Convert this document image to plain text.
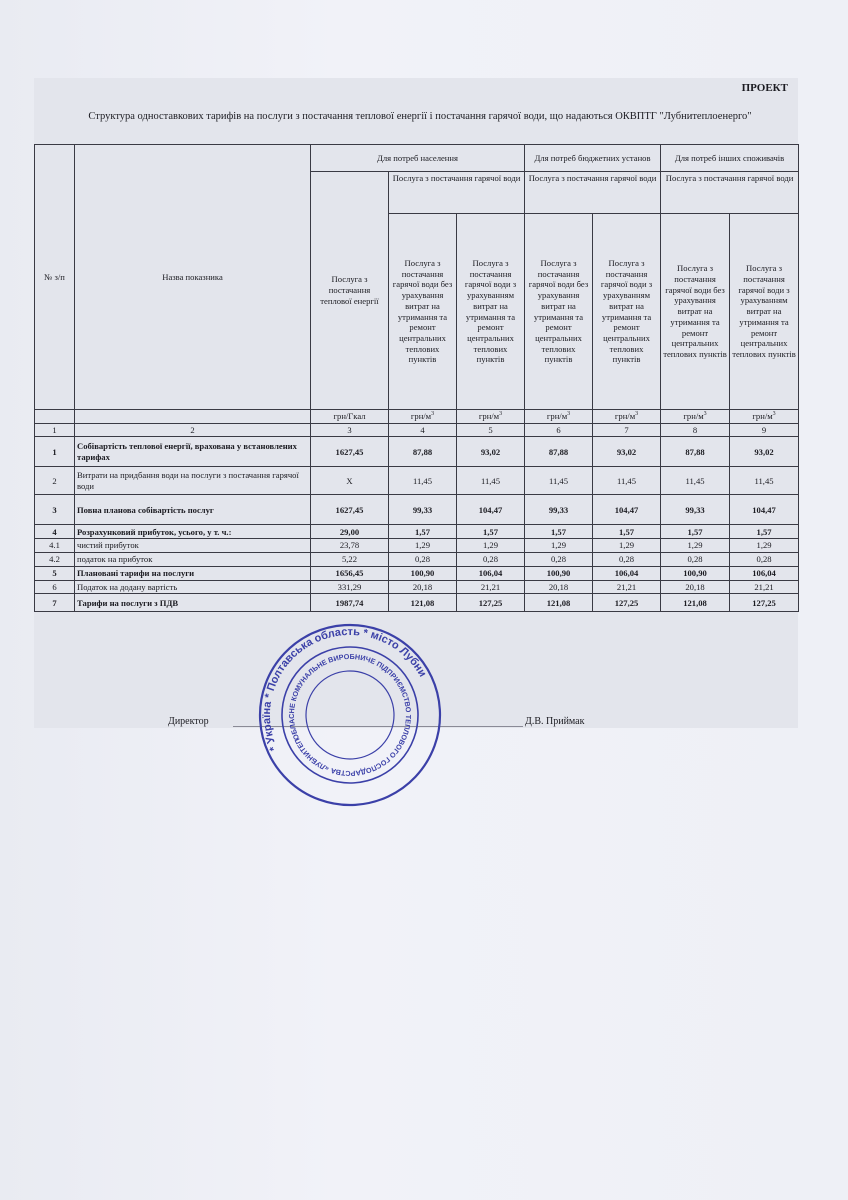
ПРОЕКТ
Структура одноставкових тарифів на послуги з постачання теплової енергії і постачання гарячої води, що надаються ОКВПТГ "Лубнитеплоенерго"
№ з/п	Назва показника	Для потреб населення			Для потреб бюджетних установ		Для потреб інших споживачів	
		Послуга з постачання теплової енергії	Послуга з постачання гарячої води		Послуга з постачання гарячої води		Послуга з постачання гарячої води	
			Послуга з постачання гарячої води без урахування витрат на утримання та ремонт центральних теплових пунктів	Послуга з постачання гарячої води з урахуванням витрат на утримання та ремонт центральних теплових пунктів	Послуга з постачання гарячої води без урахування витрат на утримання та ремонт центральних теплових пунктів	Послуга з постачання гарячої води з урахуванням витрат на утримання та ремонт центральних теплових пунктів	Послуга з постачання гарячої води без урахування витрат на утримання та ремонт центральних теплових пунктів	Послуга з постачання гарячої води з урахуванням витрат на утримання та ремонт центральних теплових пунктів
		грн/Гкал	грн/$м^3$	грн/$м^3$	грн/$м^3$	грн/$м^3$	грн/$м^3$	грн/$м^3$
1	2	3	4	5	6	7	8	9
1	Собівартість теплової енергії, врахована у встановлених тарифах	1627,45	87,88	93,02	87,88	93,02	87,88	93,02
2	Витрати на придбання води на послуги з постачання гарячої води	Х	11,45	11,45	11,45	11,45	11,45	11,45
3	Повна планова собівартість послуг	1627,45	99,33	104,47	99,33	104,47	99,33	104,47
4	Розрахунковий прибуток, усього, у т. ч.:	29,00	1,57	1,57	1,57	1,57	1,57	1,57
4.1	чистий прибуток	23,78	1,29	1,29	1,29	1,29	1,29	1,29
4.2	податок на прибуток	5,22	0,28	0,28	0,28	0,28	0,28	0,28
5	Плановані тарифи на послуги	1656,45	100,90	106,04	100,90	106,04	100,90	106,04
6	Податок на додану вартість	331,29	20,18	21,21	20,18	21,21	20,18	21,21
7	Тарифи на послуги з ПДВ	1987,74	121,08	127,25	121,08	127,25	121,08	127,25
Директор	Д.В. Приймак
* Україна * Полтавська область * місто Лубни
ОБЛАСНЕ КОМУНАЛЬНЕ ВИРОБНИЧЕ ПІДПРИЄМСТВО ТЕПЛОВОГО ГОСПОДАРСТВА «ЛУБНИТЕПЛОЕНЕРГО»
